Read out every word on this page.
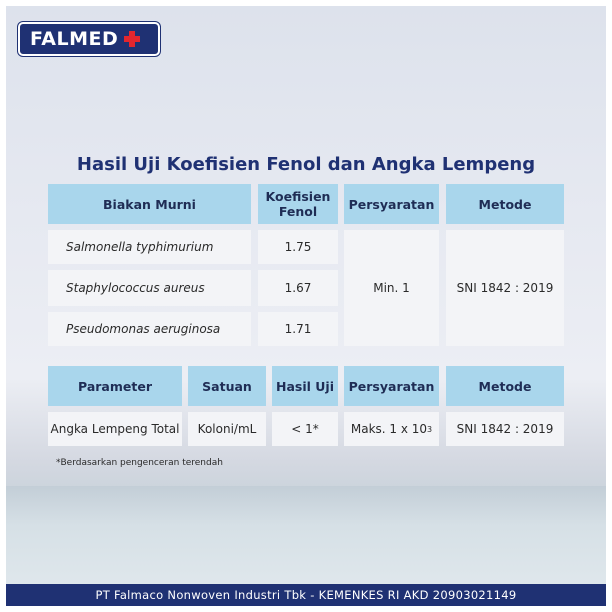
FALMED
Hasil Uji Koefisien Fenol dan Angka Lempeng
Biakan Murni	Koefisien Fenol	Persyaratan	Metode
Salmonella typhimurium	1.75
Staphylococcus aureus	1.67
Pseudomonas aeruginosa	1.71
Min. 1	SNI 1842 : 2019
Parameter	Satuan	Hasil Uji	Persyaratan	Metode
Angka Lempeng Total	Koloni/mL	< 1*	Maks. 1 x 10 3	SNI 1842 : 2019
*Berdasarkan pengenceran terendah
PT Falmaco Nonwoven Industri Tbk - KEMENKES RI AKD 20903021149
